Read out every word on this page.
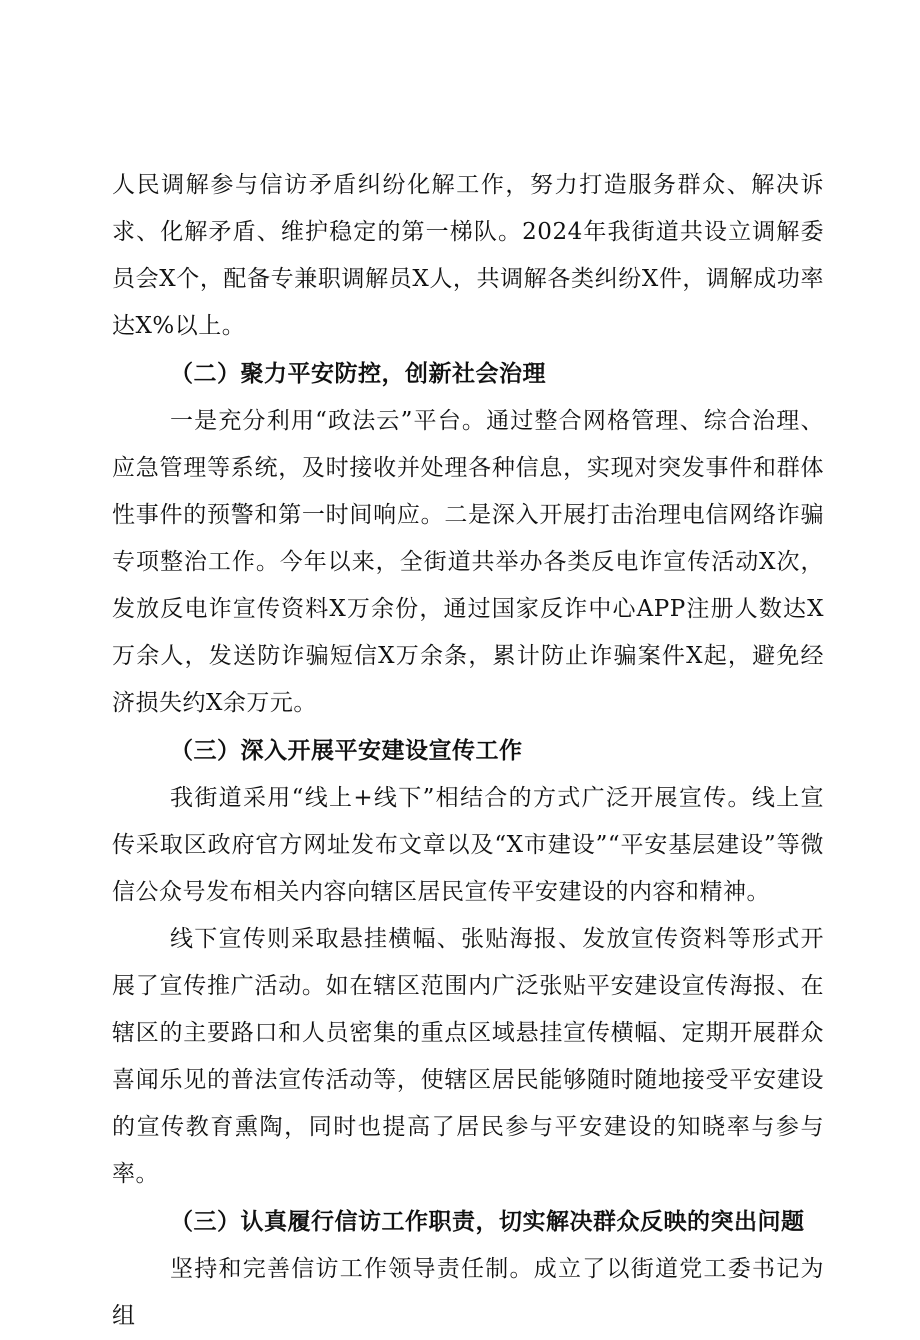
人民调解参与信访矛盾纠纷化解工作，努力打造服务群众、解决诉求、化解矛盾、维护稳定的第一梯队。2024年我街道共设立调解委员会X个，配备专兼职调解员X人，共调解各类纠纷X件，调解成功率达X%以上。

（二）聚力平安防控，创新社会治理

一是充分利用“政法云”平台。通过整合网格管理、综合治理、应急管理等系统，及时接收并处理各种信息，实现对突发事件和群体性事件的预警和第一时间响应。二是深入开展打击治理电信网络诈骗专项整治工作。今年以来，全街道共举办各类反电诈宣传活动X次，发放反电诈宣传资料X万余份，通过国家反诈中心APP注册人数达X万余人，发送防诈骗短信X万余条，累计防止诈骗案件X起，避免经济损失约X余万元。

（三）深入开展平安建设宣传工作

我街道采用“线上+线下”相结合的方式广泛开展宣传。线上宣传采取区政府官方网址发布文章以及“X市建设”“平安基层建设”等微信公众号发布相关内容向辖区居民宣传平安建设的内容和精神。

线下宣传则采取悬挂横幅、张贴海报、发放宣传资料等形式开展了宣传推广活动。如在辖区范围内广泛张贴平安建设宣传海报、在辖区的主要路口和人员密集的重点区域悬挂宣传横幅、定期开展群众喜闻乐见的普法宣传活动等，使辖区居民能够随时随地接受平安建设的宣传教育熏陶，同时也提高了居民参与平安建设的知晓率与参与率。

（三）认真履行信访工作职责，切实解决群众反映的突出问题

坚持和完善信访工作领导责任制。成立了以街道党工委书记为组
